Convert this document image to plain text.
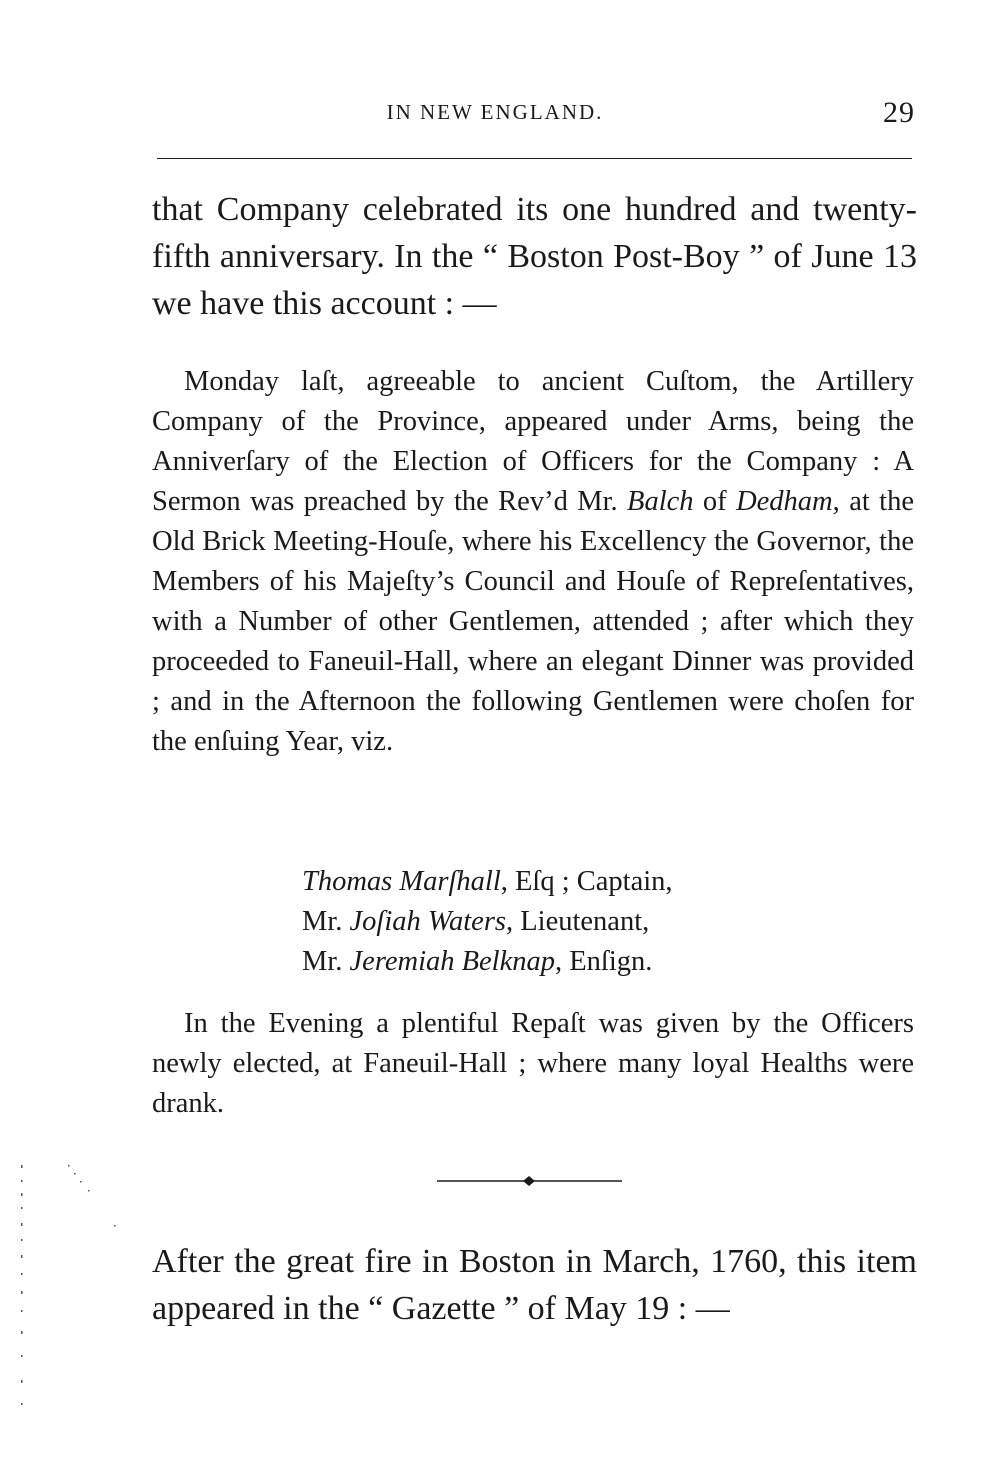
IN NEW ENGLAND.	29

that Company celebrated its one hundred and twenty-fifth anniversary. In the “ Boston Post-Boy ” of June 13 we have this account : —

Monday laſt, agreeable to ancient Cuſtom, the Artillery Company of the Province, appeared under Arms, being the Anniverſary of the Election of Officers for the Company : A Sermon was preached by the Rev’d Mr. Balch of Dedham, at the Old Brick Meeting-Houſe, where his Excellency the Governor, the Members of his Majeſty’s Council and Houſe of Repreſentatives, with a Number of other Gentlemen, attended ; after which they proceeded to Faneuil-Hall, where an elegant Dinner was provided ; and in the Afternoon the following Gentlemen were choſen for the enſuing Year, viz.

Thomas Marſhall, Eſq ; Captain,
Mr. Joſiah Waters, Lieutenant,
Mr. Jeremiah Belknap, Enſign.

In the Evening a plentiful Repaſt was given by the Officers newly elected, at Faneuil-Hall ; where many loyal Healths were drank.

After the great fire in Boston in March, 1760, this item appeared in the “ Gazette ” of May 19 : —
